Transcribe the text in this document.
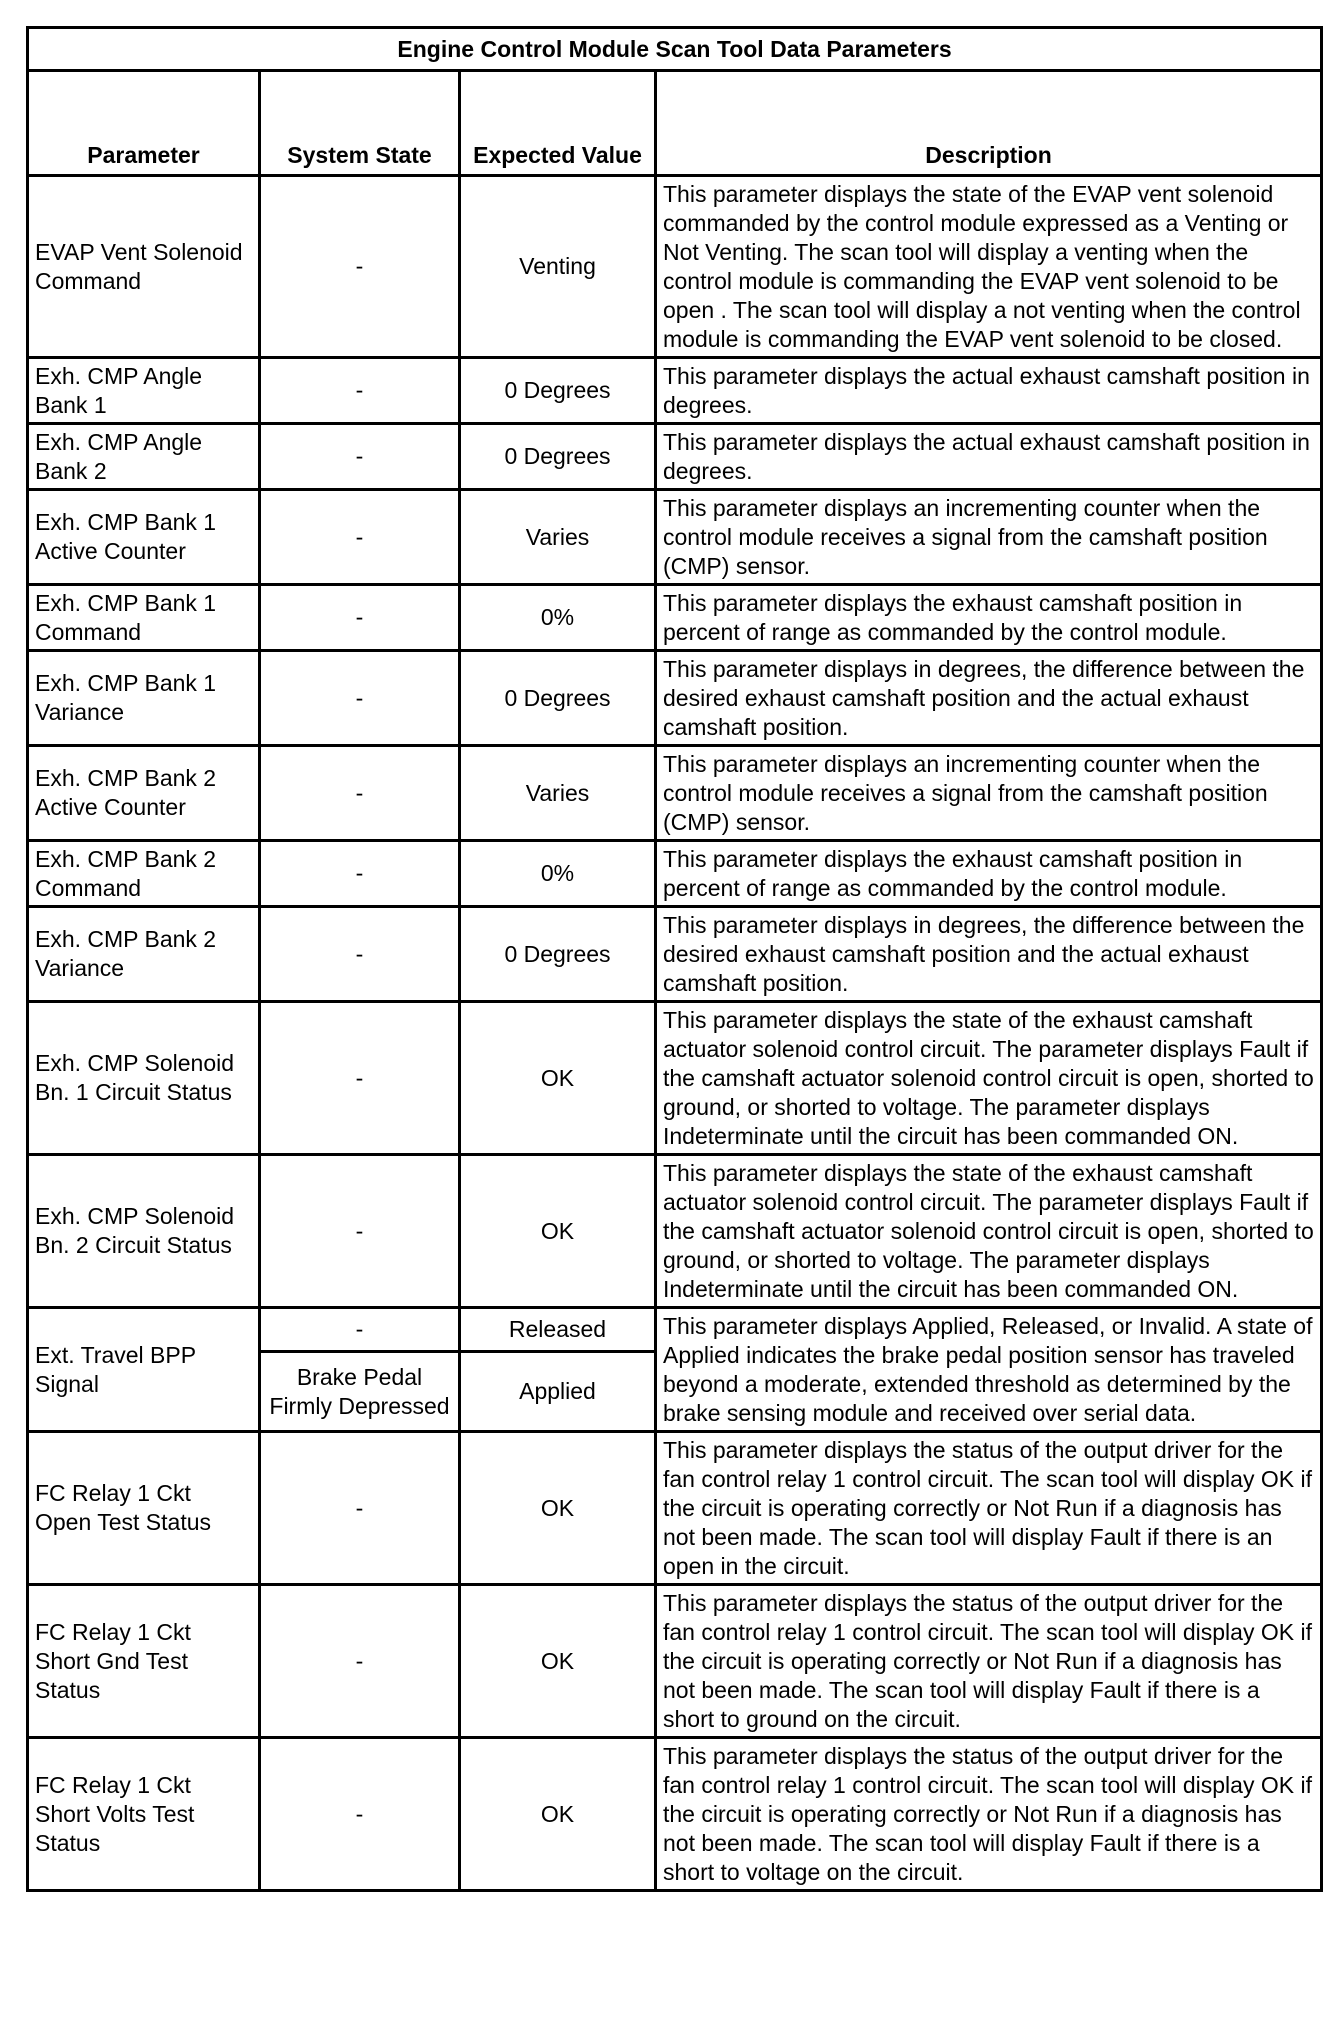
Engine Control Module Scan Tool Data Parameters			
Parameter	System State	Expected Value	Description
EVAP Vent Solenoid Command	-	Venting	This parameter displays the state of the EVAP vent solenoid commanded by the control module expressed as a Venting or Not Venting. The scan tool will display a venting when the control module is commanding the EVAP vent solenoid to be open . The scan tool will display a not venting when the control module is commanding the EVAP vent solenoid to be closed.
Exh. CMP Angle Bank 1	-	0 Degrees	This parameter displays the actual exhaust camshaft position in degrees.
Exh. CMP Angle Bank 2	-	0 Degrees	This parameter displays the actual exhaust camshaft position in degrees.
Exh. CMP Bank 1 Active Counter	-	Varies	This parameter displays an incrementing counter when the control module receives a signal from the camshaft position (CMP) sensor.
Exh. CMP Bank 1 Command	-	0%	This parameter displays the exhaust camshaft position in percent of range as commanded by the control module.
Exh. CMP Bank 1 Variance	-	0 Degrees	This parameter displays in degrees, the difference between the desired exhaust camshaft position and the actual exhaust camshaft position.
Exh. CMP Bank 2 Active Counter	-	Varies	This parameter displays an incrementing counter when the control module receives a signal from the camshaft position (CMP) sensor.
Exh. CMP Bank 2 Command	-	0%	This parameter displays the exhaust camshaft position in percent of range as commanded by the control module.
Exh. CMP Bank 2 Variance	-	0 Degrees	This parameter displays in degrees, the difference between the desired exhaust camshaft position and the actual exhaust camshaft position.
Exh. CMP Solenoid Bn. 1 Circuit Status	-	OK	This parameter displays the state of the exhaust camshaft actuator solenoid control circuit. The parameter displays Fault if the camshaft actuator solenoid control circuit is open, shorted to ground, or shorted to voltage. The parameter displays Indeterminate until the circuit has been commanded ON.
Exh. CMP Solenoid Bn. 2 Circuit Status	-	OK	This parameter displays the state of the exhaust camshaft actuator solenoid control circuit. The parameter displays Fault if the camshaft actuator solenoid control circuit is open, shorted to ground, or shorted to voltage. The parameter displays Indeterminate until the circuit has been commanded ON.
Ext. Travel BPP Signal	-	Released	This parameter displays Applied, Released, or Invalid. A state of Applied indicates the brake pedal position sensor has traveled beyond a moderate, extended threshold as determined by the brake sensing module and received over serial data.
	Brake Pedal Firmly Depressed	Applied	
FC Relay 1 Ckt Open Test Status	-	OK	This parameter displays the status of the output driver for the fan control relay 1 control circuit. The scan tool will display OK if the circuit is operating correctly or Not Run if a diagnosis has not been made. The scan tool will display Fault if there is an open in the circuit.
FC Relay 1 Ckt Short Gnd Test Status	-	OK	This parameter displays the status of the output driver for the fan control relay 1 control circuit. The scan tool will display OK if the circuit is operating correctly or Not Run if a diagnosis has not been made. The scan tool will display Fault if there is a short to ground on the circuit.
FC Relay 1 Ckt Short Volts Test Status	-	OK	This parameter displays the status of the output driver for the fan control relay 1 control circuit. The scan tool will display OK if the circuit is operating correctly or Not Run if a diagnosis has not been made. The scan tool will display Fault if there is a short to voltage on the circuit.
